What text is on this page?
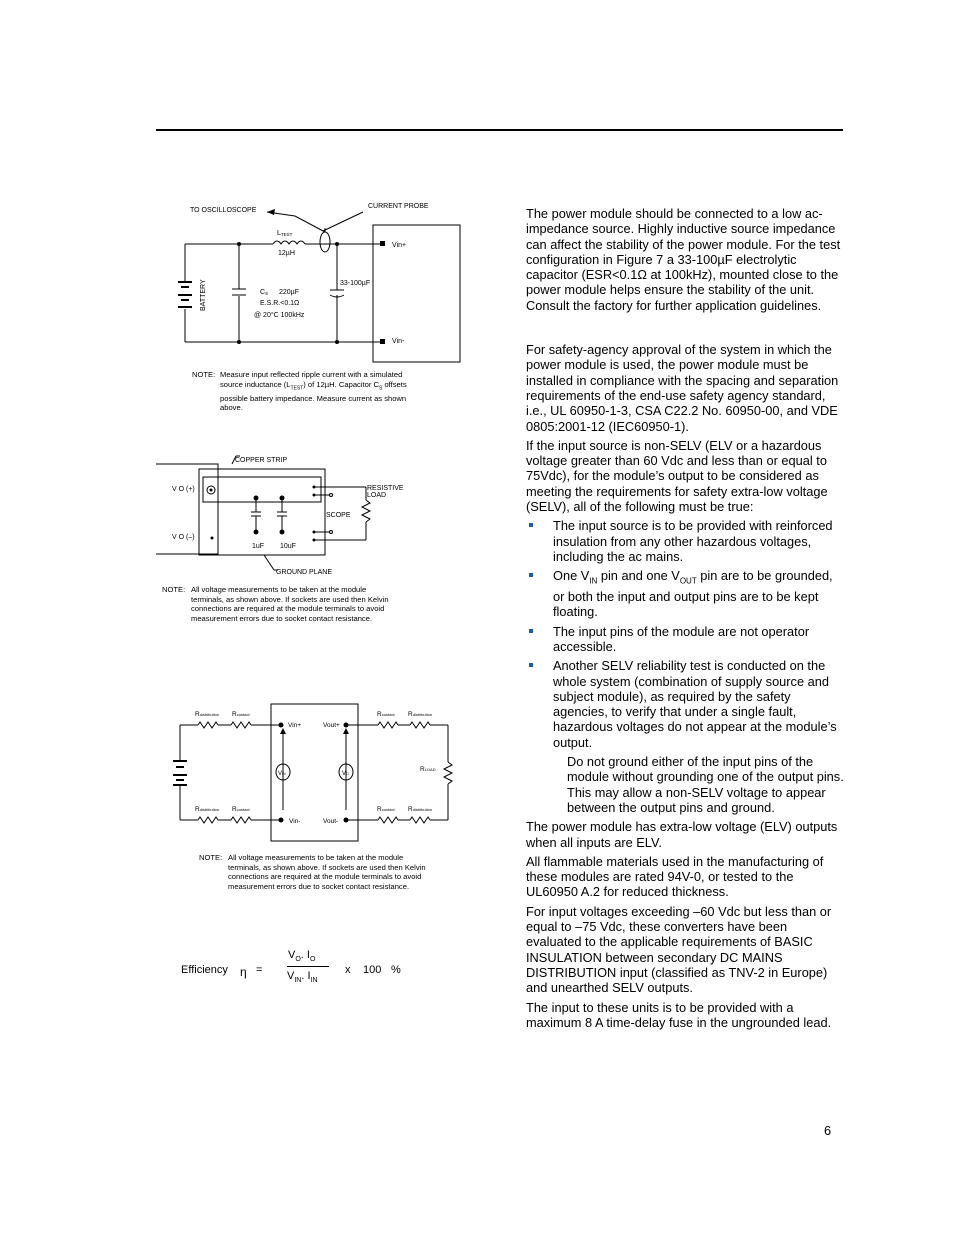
The power module should be connected to a low ac-impedance source. Highly inductive source impedance can affect the stability of the power module. For the test configuration in Figure 7 a 33-100µF electrolytic capacitor (ESR<0.1Ω at 100kHz), mounted close to the power module helps ensure the stability of the unit. Consult the factory for further application guidelines.

For safety-agency approval of the system in which the power module is used, the power module must be installed in compliance with the spacing and separation requirements of the end-use safety agency standard, i.e., UL 60950-1-3, CSA C22.2 No. 60950-00, and VDE 0805:2001-12 (IEC60950-1).

If the input source is non-SELV (ELV or a hazardous voltage greater than 60 Vdc and less than or equal to 75Vdc), for the module’s output to be considered as meeting the requirements for safety extra-low voltage (SELV), all of the following must be true:

The input source is to be provided with reinforced insulation from any other hazardous voltages, including the ac mains.

One $V_{IN}$ pin and one $V_{OUT}$ pin are to be grounded, or both the input and output pins are to be kept floating.

The input pins of the module are not operator accessible.

Another SELV reliability test is conducted on the whole system (combination of supply source and subject module), as required by the safety agencies, to verify that under a single fault, hazardous voltages do not appear at the module’s output.

Do not ground either of the input pins of the module without grounding one of the output pins. This may allow a non-SELV voltage to appear between the output pins and ground.

The power module has extra-low voltage (ELV) outputs when all inputs are ELV.

All flammable materials used in the manufacturing of these modules are rated 94V-0, or tested to the UL60950 A.2 for reduced thickness.

For input voltages exceeding –60 Vdc but less than or equal to –75 Vdc, these converters have been evaluated to the applicable requirements of BASIC INSULATION between secondary DC MAINS DISTRIBUTION input (classified as TNV-2 in Europe) and unearthed SELV outputs.

The input to these units is to be provided with a maximum 8 A time-delay fuse in the ungrounded lead.

TO OSCILLOSCOPE
CURRENT PROBE
LTEST
12µH
BATTERY	CS 220µF
E.S.R.<0.1Ω
@ 20°C 100kHz
33-100µF
Vin+
Vin-
NOTE: Measure input reflected ripple current with a simulated source inductance $(L_{TEST})$ of 12µH. Capacitor $C_S$ offsets possible battery impedance. Measure current as shown above.
COPPER STRIP
V O (+)
V O (–)
RESISTIVE
LOAD
SCOPE
1uF 10uF
GROUND PLANE
NOTE: All voltage measurements to be taken at the module terminals, as shown above. If sockets are used then Kelvin connections are required at the module terminals to avoid measurement errors due to socket contact resistance.
Rdistribution Rcontact
Rdistribution Rcontact
Rcontact Rdistribution
Rcontact Rdistribution
RLOAD
Vin+	Vout+
Vin-	Vout-
VIN	VO
NOTE: All voltage measurements to be taken at the module terminals, as shown above. If sockets are used then Kelvin connections are required at the module terminals to avoid measurement errors due to socket contact resistance.
Efficiency η =
$V_O$. $I_O$
$V_{IN}$. $I_{IN}$
x 100 %
6
